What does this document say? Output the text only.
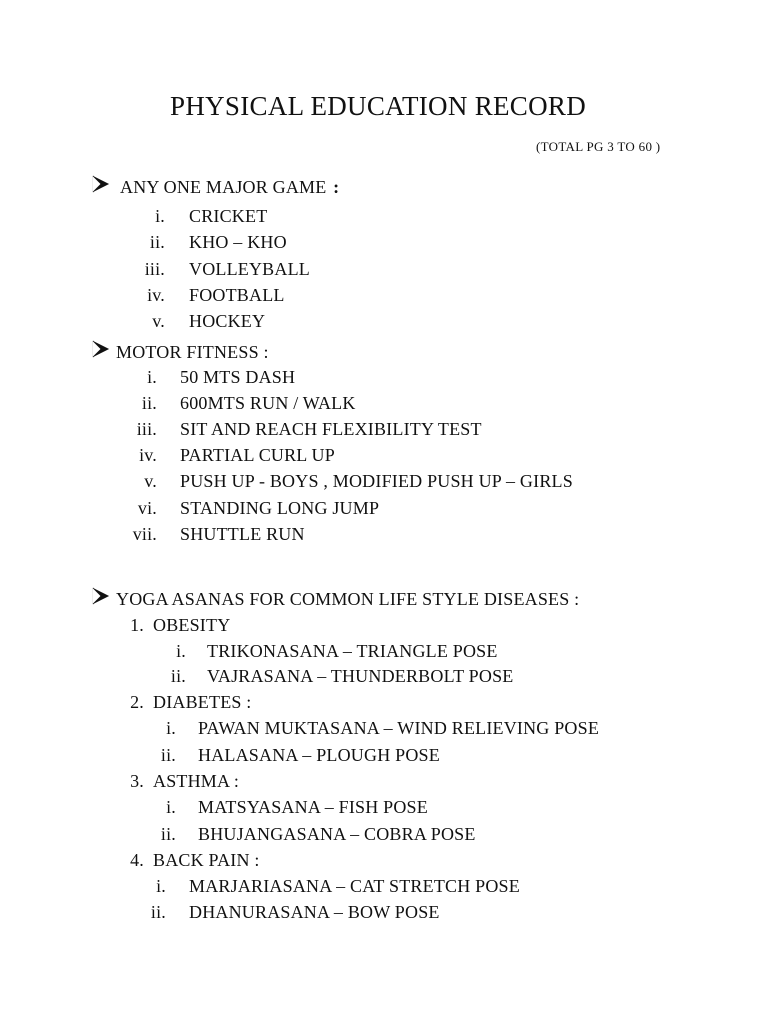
PHYSICAL EDUCATION RECORD
(TOTAL PG 3 TO 60 )
ANY ONE MAJOR GAME :
i. CRICKET
ii. KHO – KHO
iii. VOLLEYBALL
iv. FOOTBALL
v. HOCKEY
MOTOR FITNESS :
i. 50 MTS DASH
ii. 600MTS RUN / WALK
iii. SIT AND REACH FLEXIBILITY TEST
iv. PARTIAL CURL UP
v. PUSH UP - BOYS , MODIFIED PUSH UP – GIRLS
vi. STANDING LONG JUMP
vii. SHUTTLE RUN
YOGA ASANAS FOR COMMON LIFE STYLE DISEASES :
1. OBESITY
i. TRIKONASANA – TRIANGLE POSE
ii. VAJRASANA – THUNDERBOLT POSE
2. DIABETES :
i. PAWAN MUKTASANA – WIND RELIEVING POSE
ii. HALASANA – PLOUGH POSE
3. ASTHMA :
i. MATSYASANA – FISH POSE
ii. BHUJANGASANA – COBRA POSE
4. BACK PAIN :
i. MARJARIASANA – CAT STRETCH POSE
ii. DHANURASANA – BOW POSE
